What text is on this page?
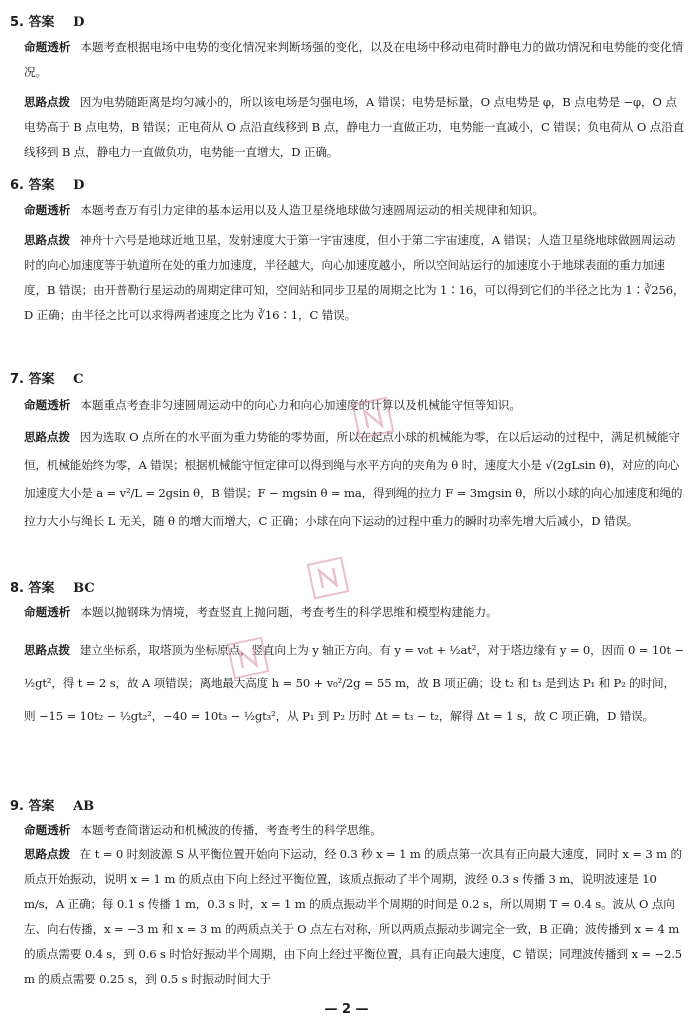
5. 答案 D
命题透析 本题考查根据电场中电势的变化情况来判断场强的变化，以及在电场中移动电荷时静电力的做功情况和电势能的变化情况。
思路点拨 因为电势随距离是均匀减小的，所以该电场是匀强电场，A 错误；电势是标量，O 点电势是 φ，B 点电势是 −φ，O 点电势高于 B 点电势，B 错误；正电荷从 O 点沿直线移到 B 点，静电力一直做正功，电势能一直减小，C 错误；负电荷从 O 点沿直线移到 B 点，静电力一直做负功，电势能一直增大，D 正确。
6. 答案 D
命题透析 本题考查万有引力定律的基本运用以及人造卫星绕地球做匀速圆周运动的相关规律和知识。
思路点拨 神舟十六号是地球近地卫星，发射速度大于第一宇宙速度，但小于第二宇宙速度，A 错误；人造卫星绕地球做圆周运动时的向心加速度等于轨道所在处的重力加速度，半径越大，向心加速度越小，所以空间站运行的加速度小于地球表面的重力加速度，B 错误；由开普勒行星运动的周期定律可知，空间站和同步卫星的周期之比为 1∶16，可以得到它们的半径之比为 1∶∛256，D 正确；由半径之比可以求得两者速度之比为 ∛16∶1，C 错误。
7. 答案 C
命题透析 本题重点考查非匀速圆周运动中的向心力和向心加速度的计算以及机械能守恒等知识。
思路点拨 因为选取 O 点所在的水平面为重力势能的零势面，所以在起点小球的机械能为零，在以后运动的过程中，满足机械能守恒，机械能始终为零，A 错误；根据机械能守恒定律可以得到绳与水平方向的夹角为 θ 时，速度大小是 √(2gLsin θ)，对应的向心加速度大小是 a = v²/L = 2gsin θ，B 错误；F − mgsin θ = ma，得到绳的拉力 F = 3mgsin θ，所以小球的向心加速度和绳的拉力大小与绳长 L 无关，随 θ 的增大而增大，C 正确；小球在向下运动的过程中重力的瞬时功率先增大后减小，D 错误。
8. 答案 BC
命题透析 本题以抛钢珠为情境，考查竖直上抛问题，考查考生的科学思维和模型构建能力。
思路点拨 建立坐标系，取塔顶为坐标原点，竖直向上为 y 轴正方向。有 y = v₀t + ½at²，对于塔边缘有 y = 0，因而 0 = 10t − ½gt²，得 t = 2 s，故 A 项错误；离地最大高度 h = 50 + v₀²/2g = 55 m，故 B 项正确；设 t₂ 和 t₃ 是到达 P₁ 和 P₂ 的时间，则 −15 = 10t₂ − ½gt₂²，−40 = 10t₃ − ½gt₃²，从 P₁ 到 P₂ 历时 Δt = t₃ − t₂，解得 Δt = 1 s，故 C 项正确，D 错误。
9. 答案 AB
命题透析 本题考查简谐运动和机械波的传播，考查考生的科学思维。
思路点拨 在 t = 0 时刻波源 S 从平衡位置开始向下运动，经 0.3 秒 x = 1 m 的质点第一次具有正向最大速度，同时 x = 3 m 的质点开始振动，说明 x = 1 m 的质点由下向上经过平衡位置，该质点振动了半个周期，波经 0.3 s 传播 3 m，说明波速是 10 m/s，A 正确；每 0.1 s 传播 1 m，0.3 s 时，x = 1 m 的质点振动半个周期的时间是 0.2 s，所以周期 T = 0.4 s。波从 O 点向左、向右传播，x = −3 m 和 x = 3 m 的两质点关于 O 点左右对称，所以两质点振动步调完全一致，B 正确；波传播到 x = 4 m 的质点需要 0.4 s，到 0.6 s 时恰好振动半个周期，由下向上经过平衡位置，具有正向最大速度，C 错误；同理波传播到 x = −2.5 m 的质点需要 0.25 s，到 0.5 s 时振动时间大于
— 2 —
